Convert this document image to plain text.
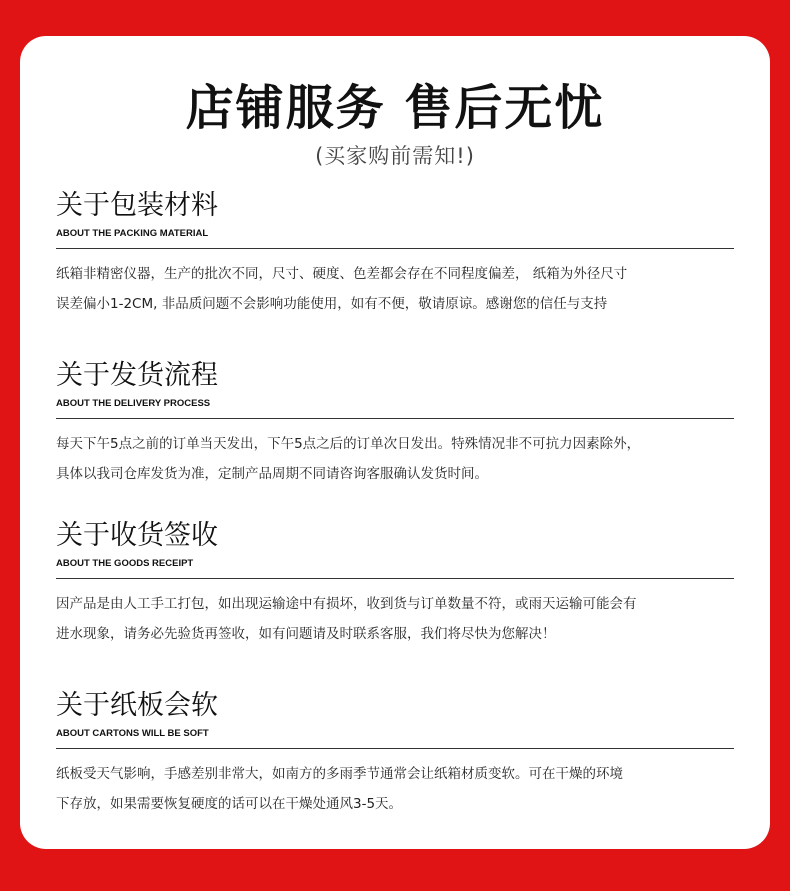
店铺服务 售后无忧
(买家购前需知!)
关于包装材料
ABOUT THE PACKING MATERIAL
纸箱非精密仪器，生产的批次不同，尺寸、硬度、色差都会存在不同程度偏差， 纸箱为外径尺寸
误差偏小1-2CM, 非品质问题不会影响功能使用，如有不便，敬请原谅。感谢您的信任与支持
关于发货流程
ABOUT THE DELIVERY PROCESS
每天下午5点之前的订单当天发出，下午5点之后的订单次日发出。特殊情况非不可抗力因素除外，
具体以我司仓库发货为准，定制产品周期不同请咨询客服确认发货时间。
关于收货签收
ABOUT THE GOODS RECEIPT
因产品是由人工手工打包，如出现运输途中有损坏，收到货与订单数量不符，或雨天运输可能会有
进水现象，请务必先验货再签收，如有问题请及时联系客服，我们将尽快为您解决！
关于纸板会软
ABOUT CARTONS WILL BE SOFT
纸板受天气影响，手感差别非常大，如南方的多雨季节通常会让纸箱材质变软。可在干燥的环境
下存放，如果需要恢复硬度的话可以在干燥处通风3-5天。
